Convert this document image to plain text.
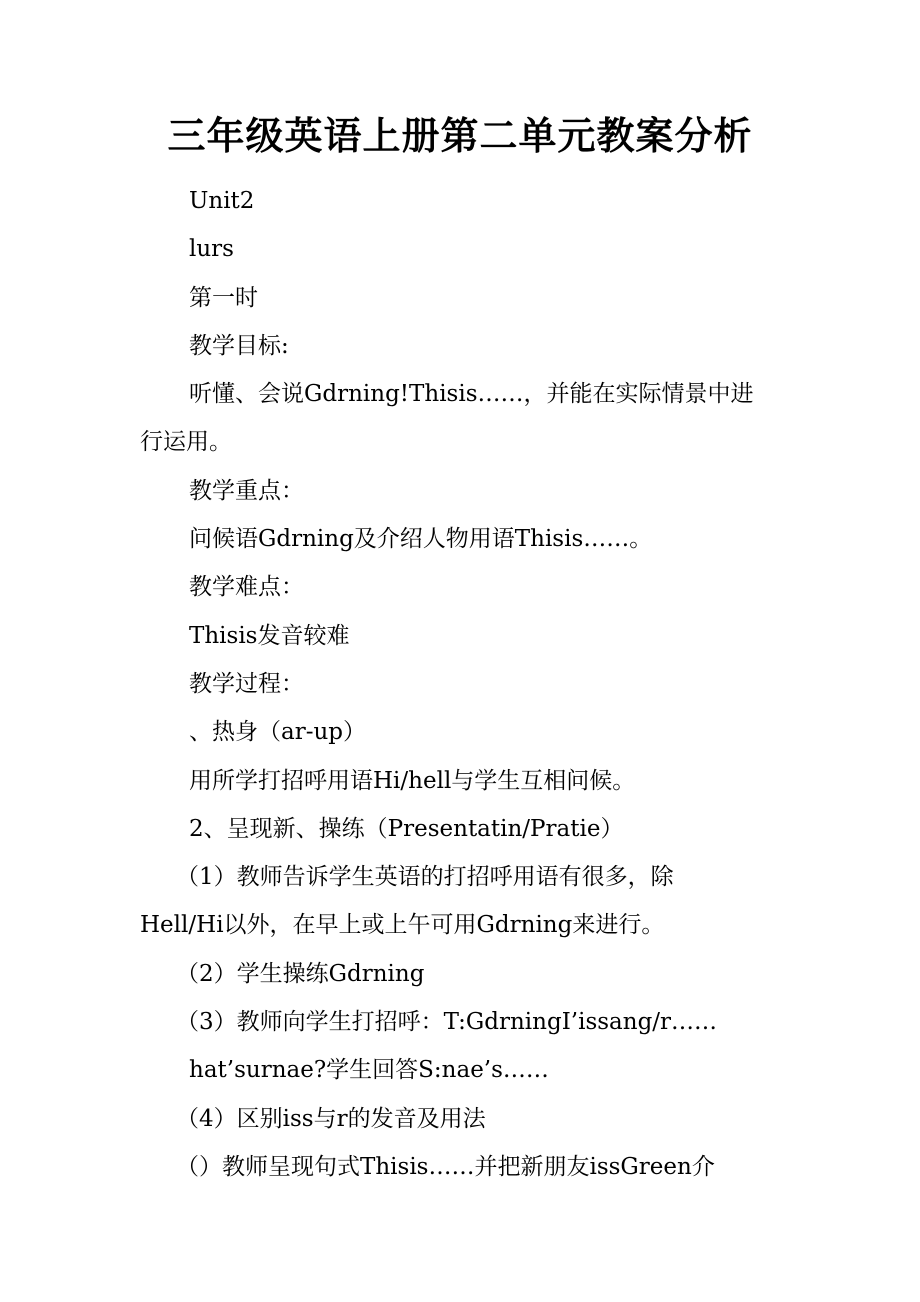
三年级英语上册第二单元教案分析

Unit2

lurs

第一时

教学目标:

听懂、会说Gdrning!Thisis……，并能在实际情景中进

行运用。

教学重点：

问候语Gdrning及介绍人物用语Thisis……。

教学难点：

Thisis发音较难

教学过程：

、热身（ar-up）

用所学打招呼用语Hi/hell与学生互相问候。

2、呈现新、操练（Presentatin/Pratie）

（1）教师告诉学生英语的打招呼用语有很多，除

Hell/Hi以外，在早上或上午可用Gdrning来进行。

（2）学生操练Gdrning

（3）教师向学生打招呼：T:GdrningI’issang/r……

hat’surnae?学生回答S:nae’s……

（4）区别iss与r的发音及用法

（）教师呈现句式Thisis……并把新朋友issGreen介
